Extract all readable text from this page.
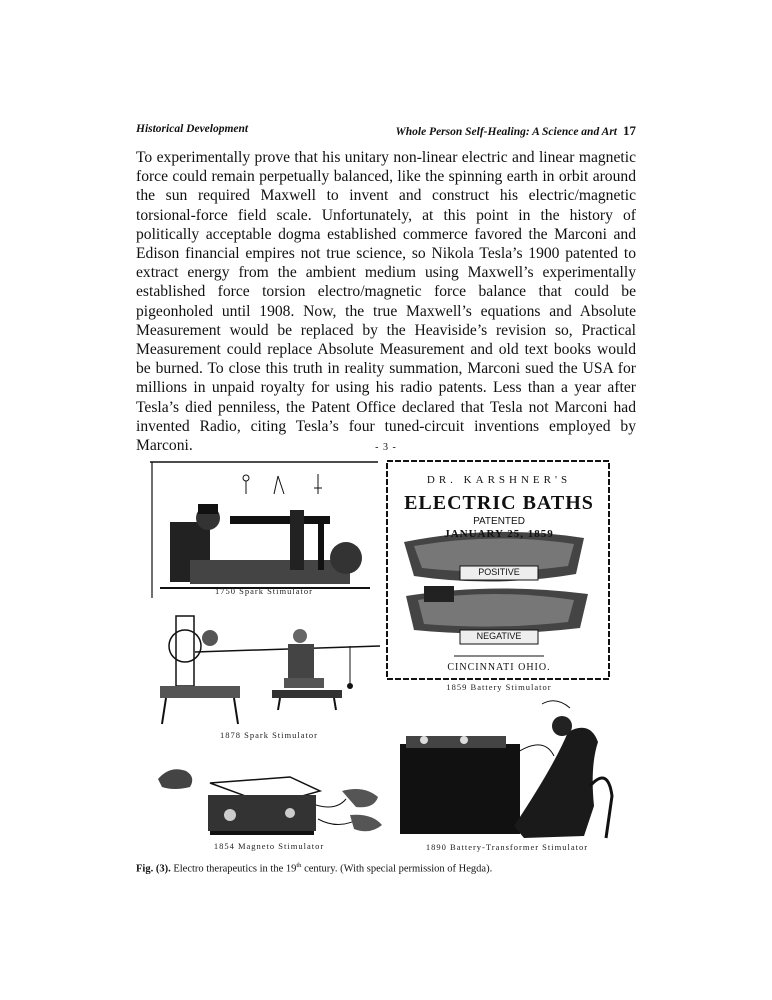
Historical Development	Whole Person Self-Healing: A Science and Art 17

To experimentally prove that his unitary non-linear electric and linear magnetic force could remain perpetually balanced, like the spinning earth in orbit around the sun required Maxwell to invent and construct his electric/magnetic torsional-force field scale. Unfortunately, at this point in the history of politically acceptable dogma established commerce favored the Marconi and Edison financial empires not true science, so Nikola Tesla’s 1900 patented to extract energy from the ambient medium using Maxwell’s experimentally established force torsion electro/magnetic force balance that could be pigeonholed until 1908. Now, the true Maxwell’s equations and Absolute Measurement would be replaced by the Heaviside’s revision so, Practical Measurement could replace Absolute Measurement and old text books would be burned. To close this truth in reality summation, Marconi sued the USA for millions in unpaid royalty for using his radio patents. Less than a year after Tesla’s died penniless, the Patent Office declared that Tesla not Marconi had invented Radio, citing Tesla’s four tuned-circuit inventions employed by Marconi.	- 3 -
1750 Spark Stimulator
1878 Spark Stimulator
1854 Magneto Stimulator
DR. KARSHNER'S
ELECTRIC BATHS
PATENTED
JANUARY 25, 1859
POSITIVE
NEGATIVE
CINCINNATI OHIO.
1859 Battery Stimulator
1890 Battery-Transformer Stimulator
Fig. (3). Electro therapeutics in the 19th century. (With special permission of Hegda).
